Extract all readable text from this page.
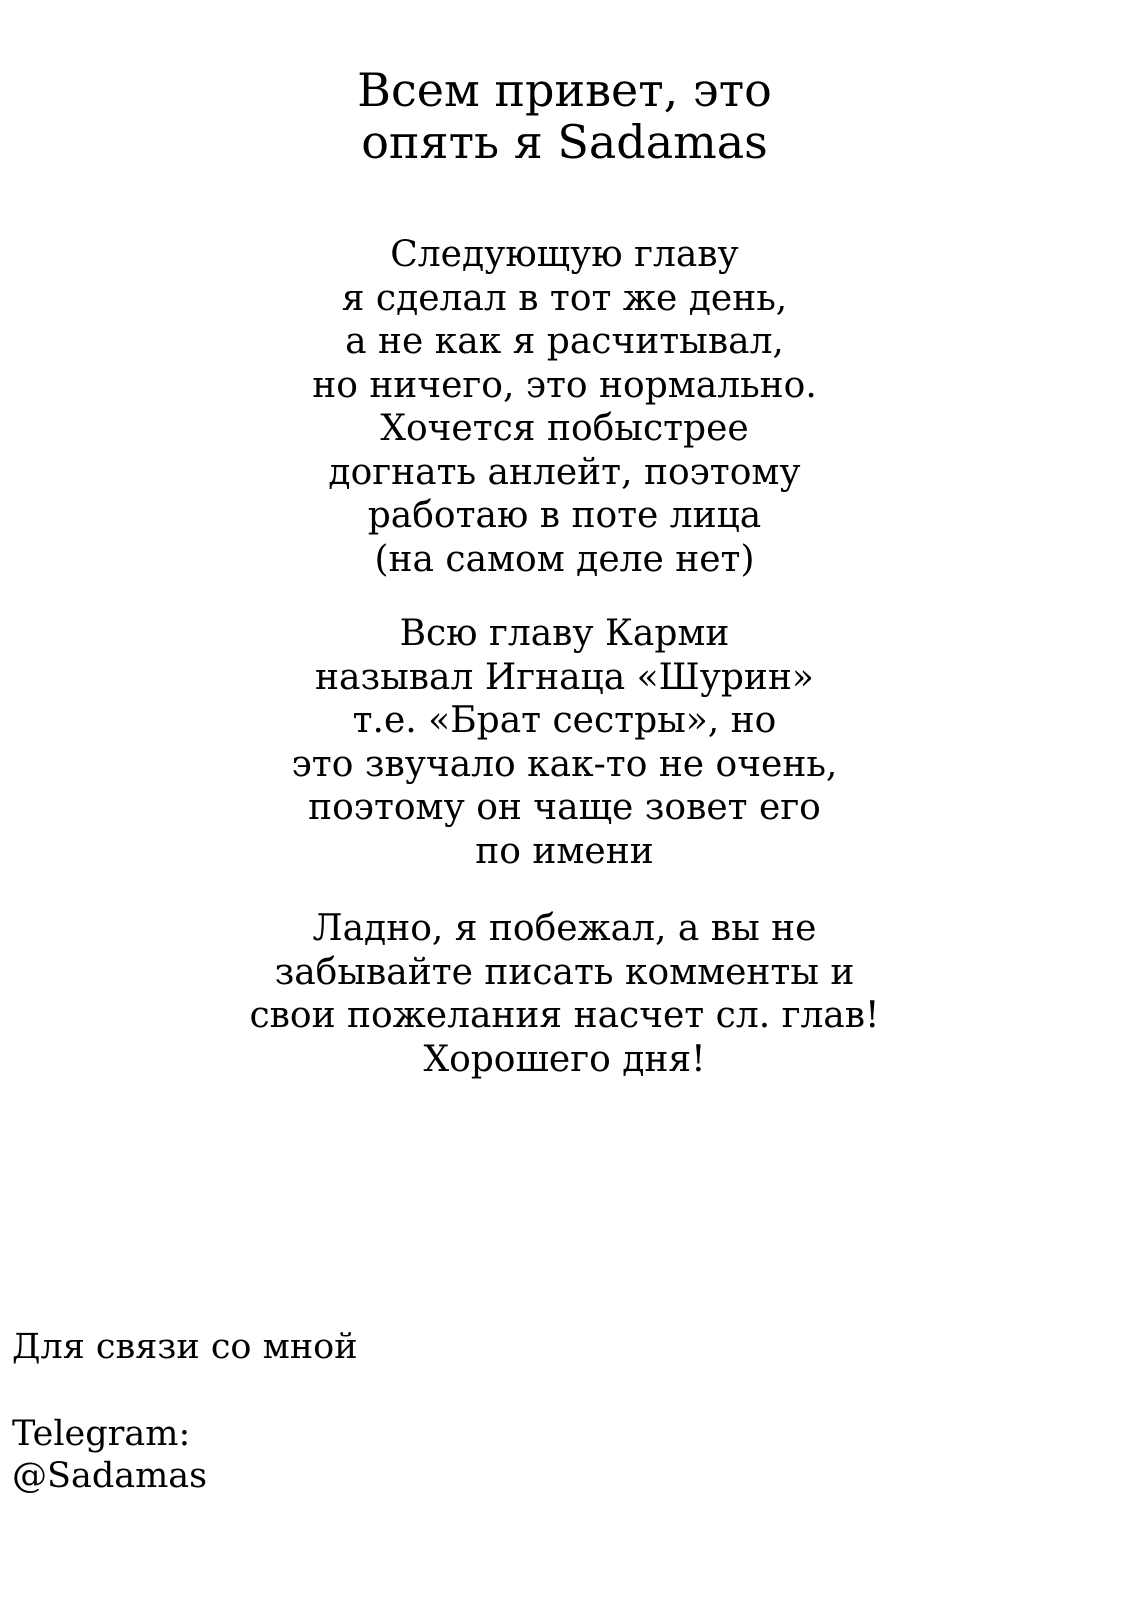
Всем привет, это
опять я Sadamas
Следующую главу
я сделал в тот же день,
а не как я расчитывал,
но ничего, это нормально.
Хочется побыстрее
догнать анлейт, поэтому
работаю в поте лица
(на самом деле нет)
Всю главу Карми
называл Игнаца «Шурин»
т.е. «Брат сестры», но
это звучало как-то не очень,
поэтому он чаще зовет его
по имени
Ладно, я побежал, а вы не
забывайте писать комменты и
свои пожелания насчет сл. глав!
Хорошего дня!
Для связи со мной
Telegram:
@Sadamas
